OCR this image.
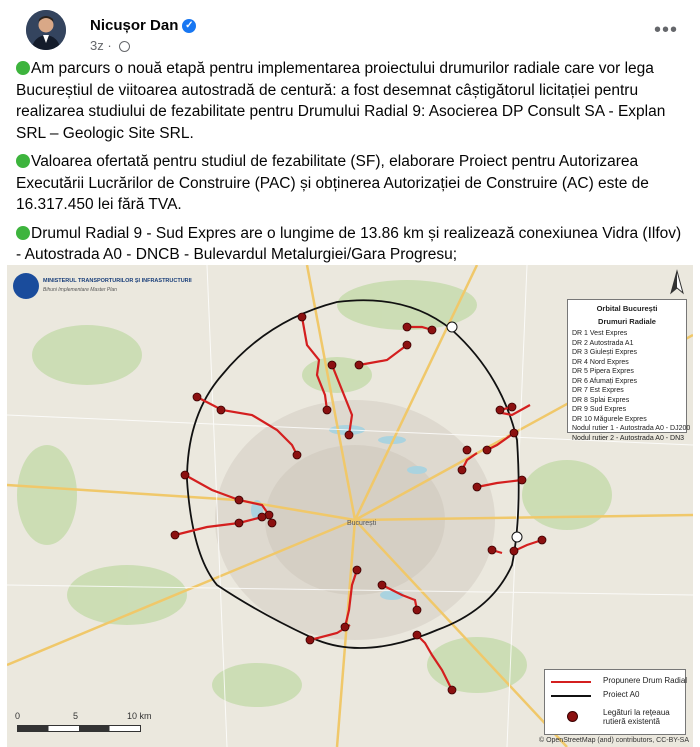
Nicușor Dan ✓
3z ·
•••

Am parcurs o nouă etapă pentru implementarea proiectului drumurilor radiale care vor lega Bucureștiul de viitoarea autostradă de centură: a fost desemnat câștigătorul licitației pentru realizarea studiului de fezabilitate pentru Drumului Radial 9: Asocierea DP Consult SA - Explan SRL – Geologic Site SRL.

Valoarea ofertată pentru studiul de fezabilitate (SF), elaborare Proiect pentru Autorizarea Executării Lucrărilor de Construire (PAC) și obținerea Autorizației de Construire (AC) este de 16.317.450 lei fără TVA.

Drumul Radial 9 - Sud Expres are o lungime de 13.86 km și realizează conexiunea Vidra (Ilfov) - Autostrada A0 - DNCB - Bulevardul Metalurgiei/Gara Progresu;

București
MINISTERUL TRANSPORTURILOR ȘI INFRASTRUCTURII
Bihuni Implementare Master Plan
Orbital București
Drumuri Radiale
DR 1 Vest Expres
DR 2 Autostrada A1
DR 3 Giulești Expres
DR 4 Nord Expres
DR 5 Pipera Expres
DR 6 Afumați Expres
DR 7 Est Expres
DR 8 Splai Expres
DR 9 Sud Expres
DR 10 Măgurele Expres
Nodul rutier 1 - Autostrada A0 - DJ200
Nodul rutier 2 - Autostrada A0 - DN3
Propunere Drum Radial
Proiect A0
Legături la rețeaua rutieră existentă
0	5	10 km
© OpenStreetMap (and) contributors, CC-BY-SA
